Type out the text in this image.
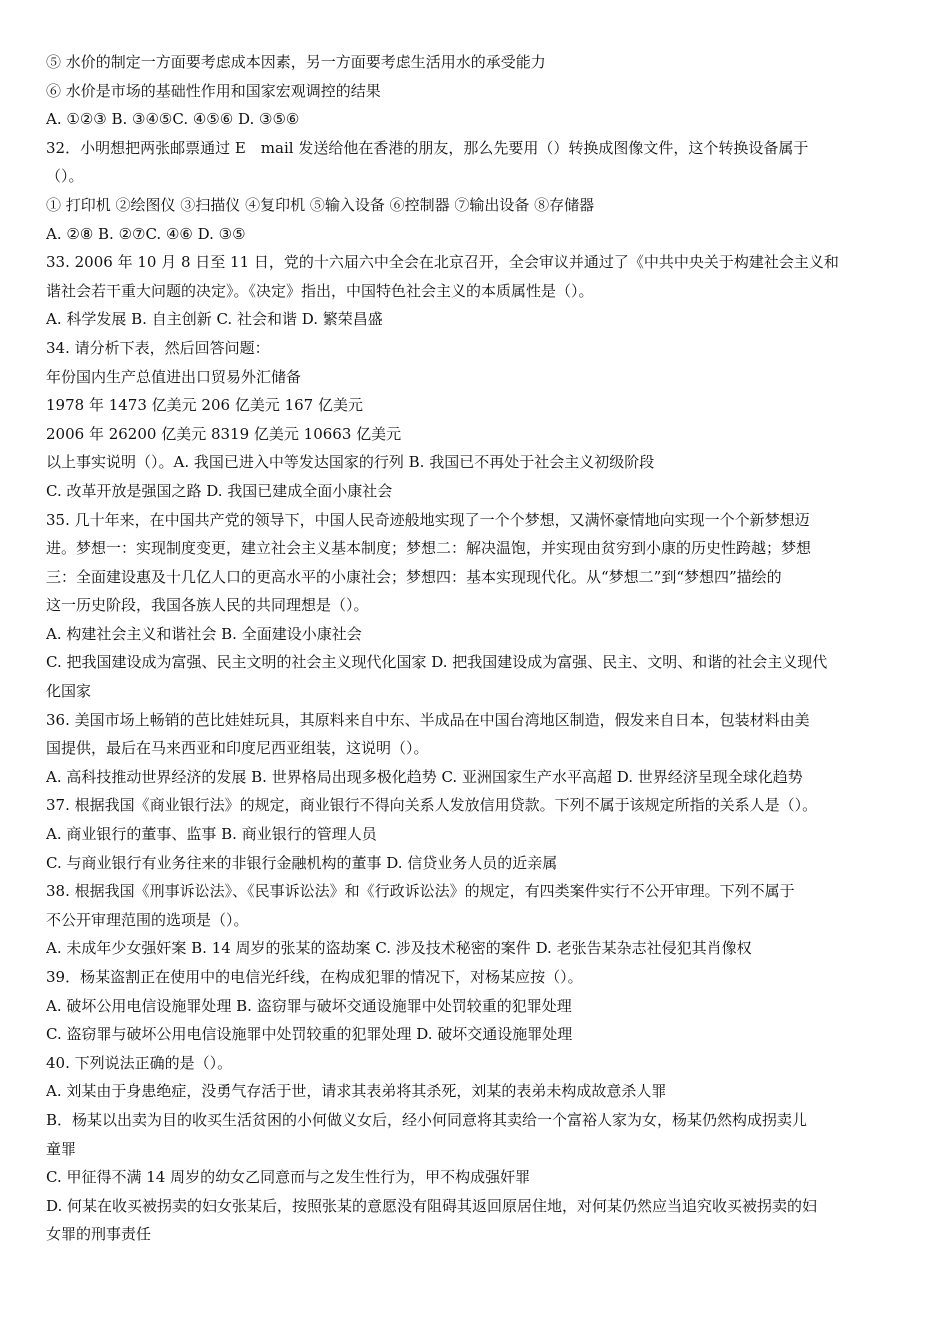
⑤ 水价的制定一方面要考虑成本因素，另一方面要考虑生活用水的承受能力
⑥ 水价是市场的基础性作用和国家宏观调控的结果
A. ①②③ B. ③④⑤C. ④⑤⑥ D. ③⑤⑥
32．小明想把两张邮票通过 E　mail 发送给他在香港的朋友，那么先要用（）转换成图像文件，这个转换设备属于
（）。
① 打印机 ②绘图仪 ③扫描仪 ④复印机 ⑤输入设备 ⑥控制器 ⑦输出设备 ⑧存储器
A. ②⑧ B. ②⑦C. ④⑥ D. ③⑤
33. 2006 年 10 月 8 日至 11 日，党的十六届六中全会在北京召开，全会审议并通过了《中共中央关于构建社会主义和
谐社会若干重大问题的决定》。《决定》指出，中国特色社会主义的本质属性是（）。
A. 科学发展 B. 自主创新 C. 社会和谐 D. 繁荣昌盛
34. 请分析下表，然后回答问题：
年份国内生产总值进出口贸易外汇储备
1978 年 1473 亿美元 206 亿美元 167 亿美元
2006 年 26200 亿美元 8319 亿美元 10663 亿美元
以上事实说明（）。A. 我国已进入中等发达国家的行列 B. 我国已不再处于社会主义初级阶段
C. 改革开放是强国之路 D. 我国已建成全面小康社会
35. 几十年来，在中国共产党的领导下，中国人民奇迹般地实现了一个个梦想，又满怀豪情地向实现一个个新梦想迈
进。梦想一：实现制度变更，建立社会主义基本制度；梦想二：解决温饱，并实现由贫穷到小康的历史性跨越；梦想
三：全面建设惠及十几亿人口的更高水平的小康社会；梦想四：基本实现现代化。从“梦想二”到“梦想四”描绘的
这一历史阶段，我国各族人民的共同理想是（）。
A. 构建社会主义和谐社会 B. 全面建设小康社会
C. 把我国建设成为富强、民主文明的社会主义现代化国家 D. 把我国建设成为富强、民主、文明、和谐的社会主义现代
化国家
36. 美国市场上畅销的芭比娃娃玩具，其原料来自中东、半成品在中国台湾地区制造，假发来自日本，包装材料由美
国提供，最后在马来西亚和印度尼西亚组装，这说明（）。
A. 高科技推动世界经济的发展 B. 世界格局出现多极化趋势 C. 亚洲国家生产水平高超 D. 世界经济呈现全球化趋势
37. 根据我国《商业银行法》的规定，商业银行不得向关系人发放信用贷款。下列不属于该规定所指的关系人是（）。
A. 商业银行的董事、监事 B. 商业银行的管理人员
C. 与商业银行有业务往来的非银行金融机构的董事 D. 信贷业务人员的近亲属
38. 根据我国《刑事诉讼法》、《民事诉讼法》和《行政诉讼法》的规定，有四类案件实行不公开审理。下列不属于
不公开审理范围的选项是（）。
A. 未成年少女强奸案 B. 14 周岁的张某的盗劫案 C. 涉及技术秘密的案件 D. 老张告某杂志社侵犯其肖像权
39．杨某盗割正在使用中的电信光纤线，在构成犯罪的情况下，对杨某应按（）。
A. 破坏公用电信设施罪处理 B. 盗窃罪与破坏交通设施罪中处罚较重的犯罪处理
C. 盗窃罪与破坏公用电信设施罪中处罚较重的犯罪处理 D. 破坏交通设施罪处理
40. 下列说法正确的是（）。
A. 刘某由于身患绝症，没勇气存活于世，请求其表弟将其杀死，刘某的表弟未构成故意杀人罪
B．杨某以出卖为目的收买生活贫困的小何做义女后，经小何同意将其卖给一个富裕人家为女，杨某仍然构成拐卖儿
童罪
C. 甲征得不满 14 周岁的幼女乙同意而与之发生性行为，甲不构成强奸罪
D. 何某在收买被拐卖的妇女张某后，按照张某的意愿没有阻碍其返回原居住地，对何某仍然应当追究收买被拐卖的妇
女罪的刑事责任
